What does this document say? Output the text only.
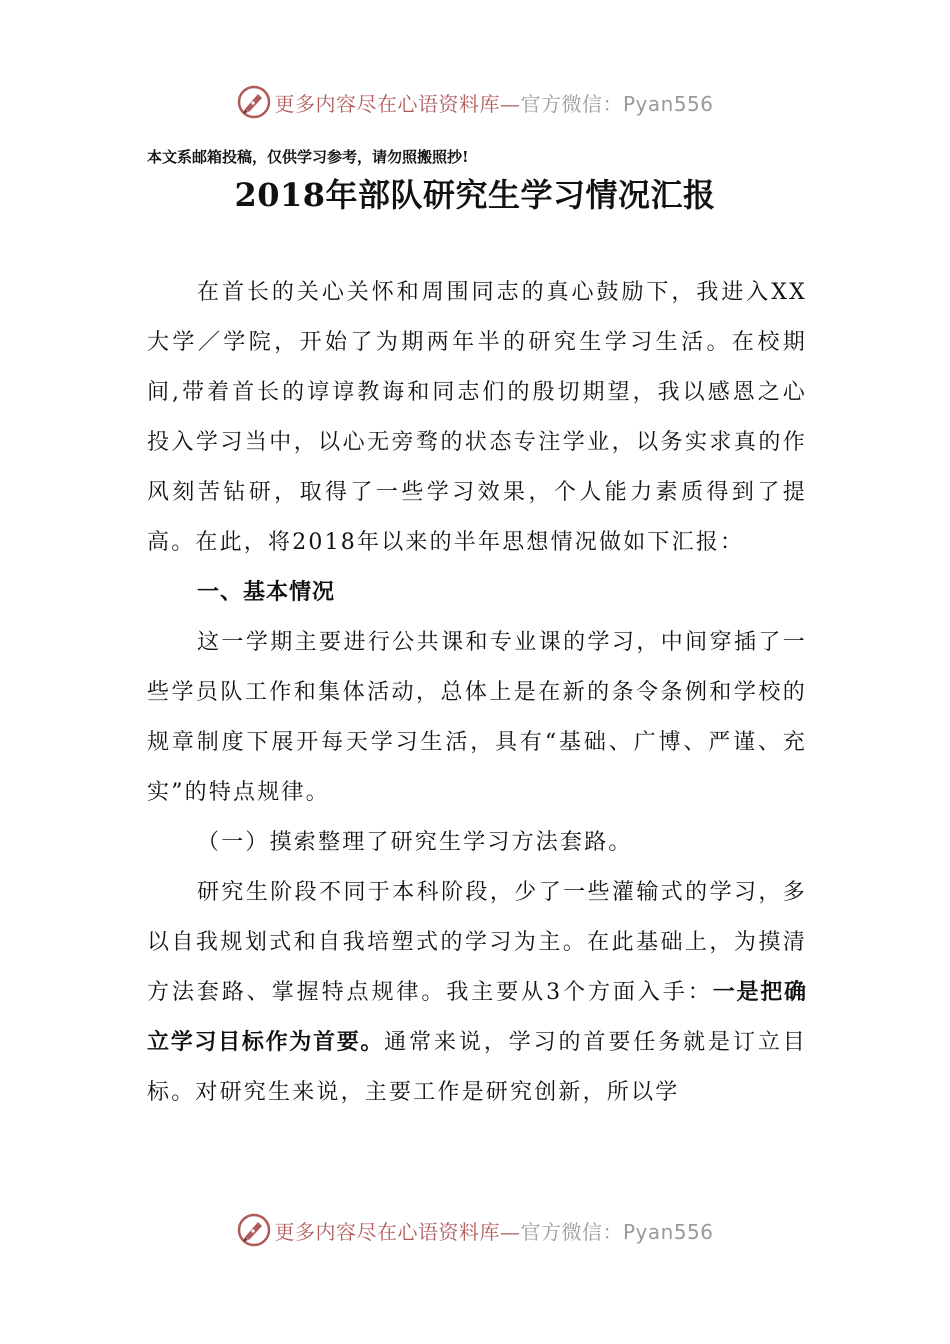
更多内容尽在心语资料库—官方微信：Pyan556
本文系邮箱投稿，仅供学习参考，请勿照搬照抄!
2018年部队研究生学习情况汇报

在首长的关心关怀和周围同志的真心鼓励下，我进入XX大学／学院，开始了为期两年半的研究生学习生活。在校期间,带着首长的谆谆教诲和同志们的殷切期望，我以感恩之心投入学习当中，以心无旁骛的状态专注学业，以务实求真的作风刻苦钻研，取得了一些学习效果，个人能力素质得到了提高。在此，将2018年以来的半年思想情况做如下汇报：

一、基本情况

这一学期主要进行公共课和专业课的学习，中间穿插了一些学员队工作和集体活动，总体上是在新的条令条例和学校的规章制度下展开每天学习生活，具有“基础、广博、严谨、充实”的特点规律。

（一）摸索整理了研究生学习方法套路。

研究生阶段不同于本科阶段，少了一些灌输式的学习，多以自我规划式和自我培塑式的学习为主。在此基础上，为摸清方法套路、掌握特点规律。我主要从3个方面入手：一是把确立学习目标作为首要。通常来说，学习的首要任务就是订立目标。对研究生来说，主要工作是研究创新，所以学

更多内容尽在心语资料库—官方微信：Pyan556
